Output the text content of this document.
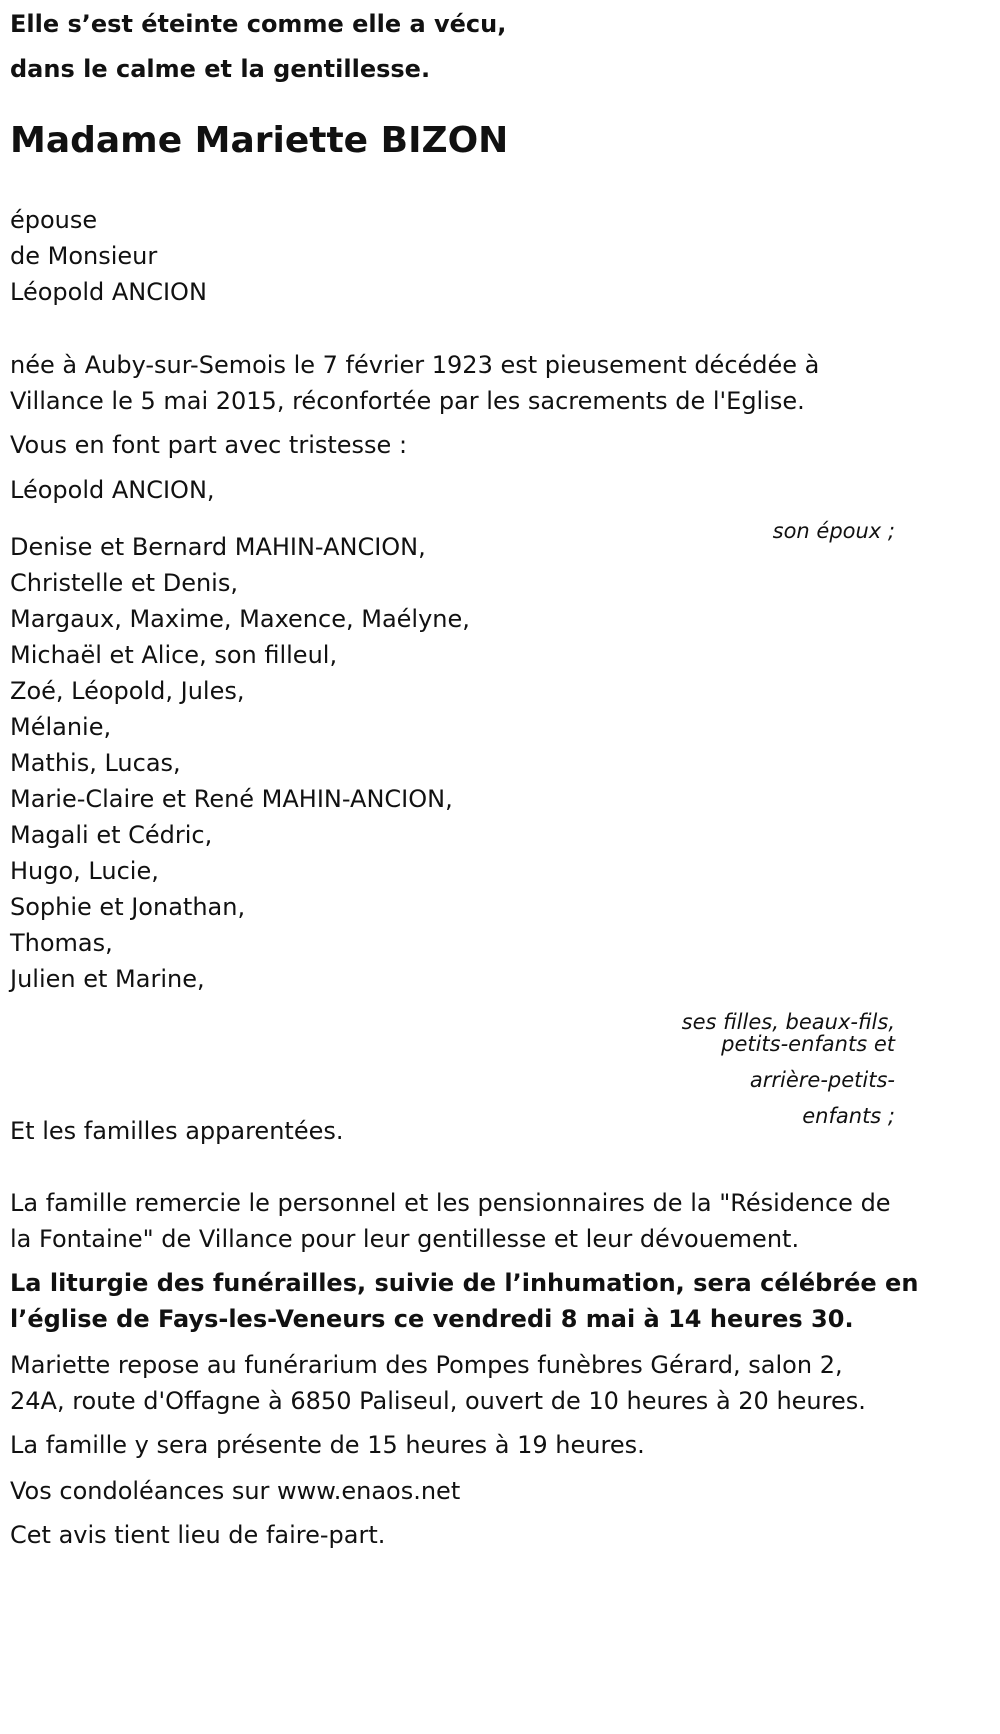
Elle s’est éteinte comme elle a vécu,

dans le calme et la gentillesse.

Madame Mariette BIZON

épouse

de Monsieur

Léopold ANCION

née à Auby-sur-Semois le 7 février 1923 est pieusement décédée à

Villance le 5 mai 2015, réconfortée par les sacrements de l'Eglise.

Vous en font part avec tristesse :

Léopold ANCION,

son époux ;

Denise et Bernard MAHIN-ANCION,

Christelle et Denis,

Margaux, Maxime, Maxence, Maélyne,

Michaël et Alice, son filleul,

Zoé, Léopold, Jules,

Mélanie,

Mathis, Lucas,

Marie-Claire et René MAHIN-ANCION,

Magali et Cédric,

Hugo, Lucie,

Sophie et Jonathan,

Thomas,

Julien et Marine,

ses filles, beaux-fils,

petits-enfants et

arrière-petits-

enfants ;

Et les familles apparentées.

La famille remercie le personnel et les pensionnaires de la "Résidence de

la Fontaine" de Villance pour leur gentillesse et leur dévouement.

La liturgie des funérailles, suivie de l’inhumation, sera célébrée en

l’église de Fays-les-Veneurs ce vendredi 8 mai à 14 heures 30.

Mariette repose au funérarium des Pompes funèbres Gérard, salon 2,

24A, route d'Offagne à 6850 Paliseul, ouvert de 10 heures à 20 heures.

La famille y sera présente de 15 heures à 19 heures.

Vos condoléances sur www.enaos.net

Cet avis tient lieu de faire-part.
